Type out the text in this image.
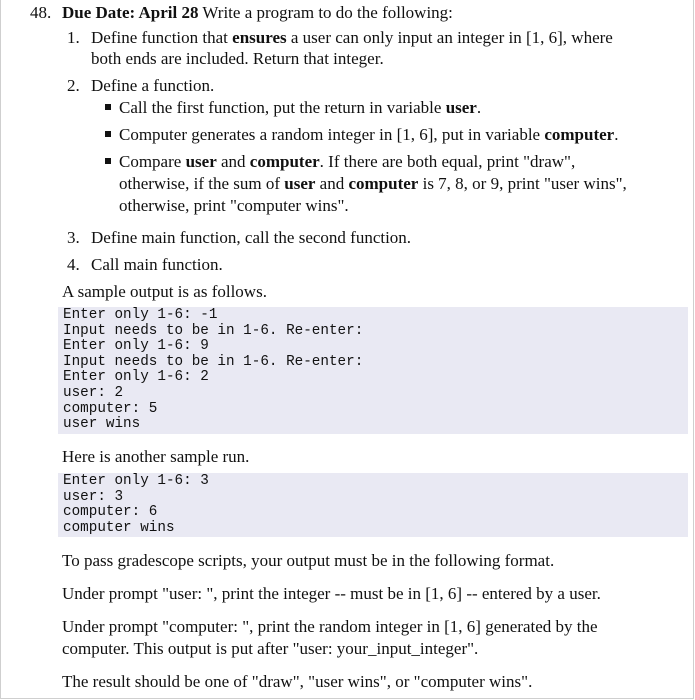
48. Due Date: April 28 Write a program to do the following:
1. Define function that ensures a user can only input an integer in [1, 6], where
both ends are included. Return that integer.
2. Define a function.
Call the first function, put the return in variable user.
Computer generates a random integer in [1, 6], put in variable computer.
Compare user and computer. If there are both equal, print "draw",
otherwise, if the sum of user and computer is 7, 8, or 9, print "user wins",
otherwise, print "computer wins".
3. Define main function, call the second function.
4. Call main function.
A sample output is as follows.
Enter only 1-6: -1
Input needs to be in 1-6. Re-enter:
Enter only 1-6: 9
Input needs to be in 1-6. Re-enter:
Enter only 1-6: 2
user: 2
computer: 5
user wins
Here is another sample run.
Enter only 1-6: 3
user: 3
computer: 6
computer wins
To pass gradescope scripts, your output must be in the following format.
Under prompt "user: ", print the integer -- must be in [1, 6] -- entered by a user.
Under prompt "computer: ", print the random integer in [1, 6] generated by the
computer. This output is put after "user: your_input_integer".
The result should be one of "draw", "user wins", or "computer wins".
